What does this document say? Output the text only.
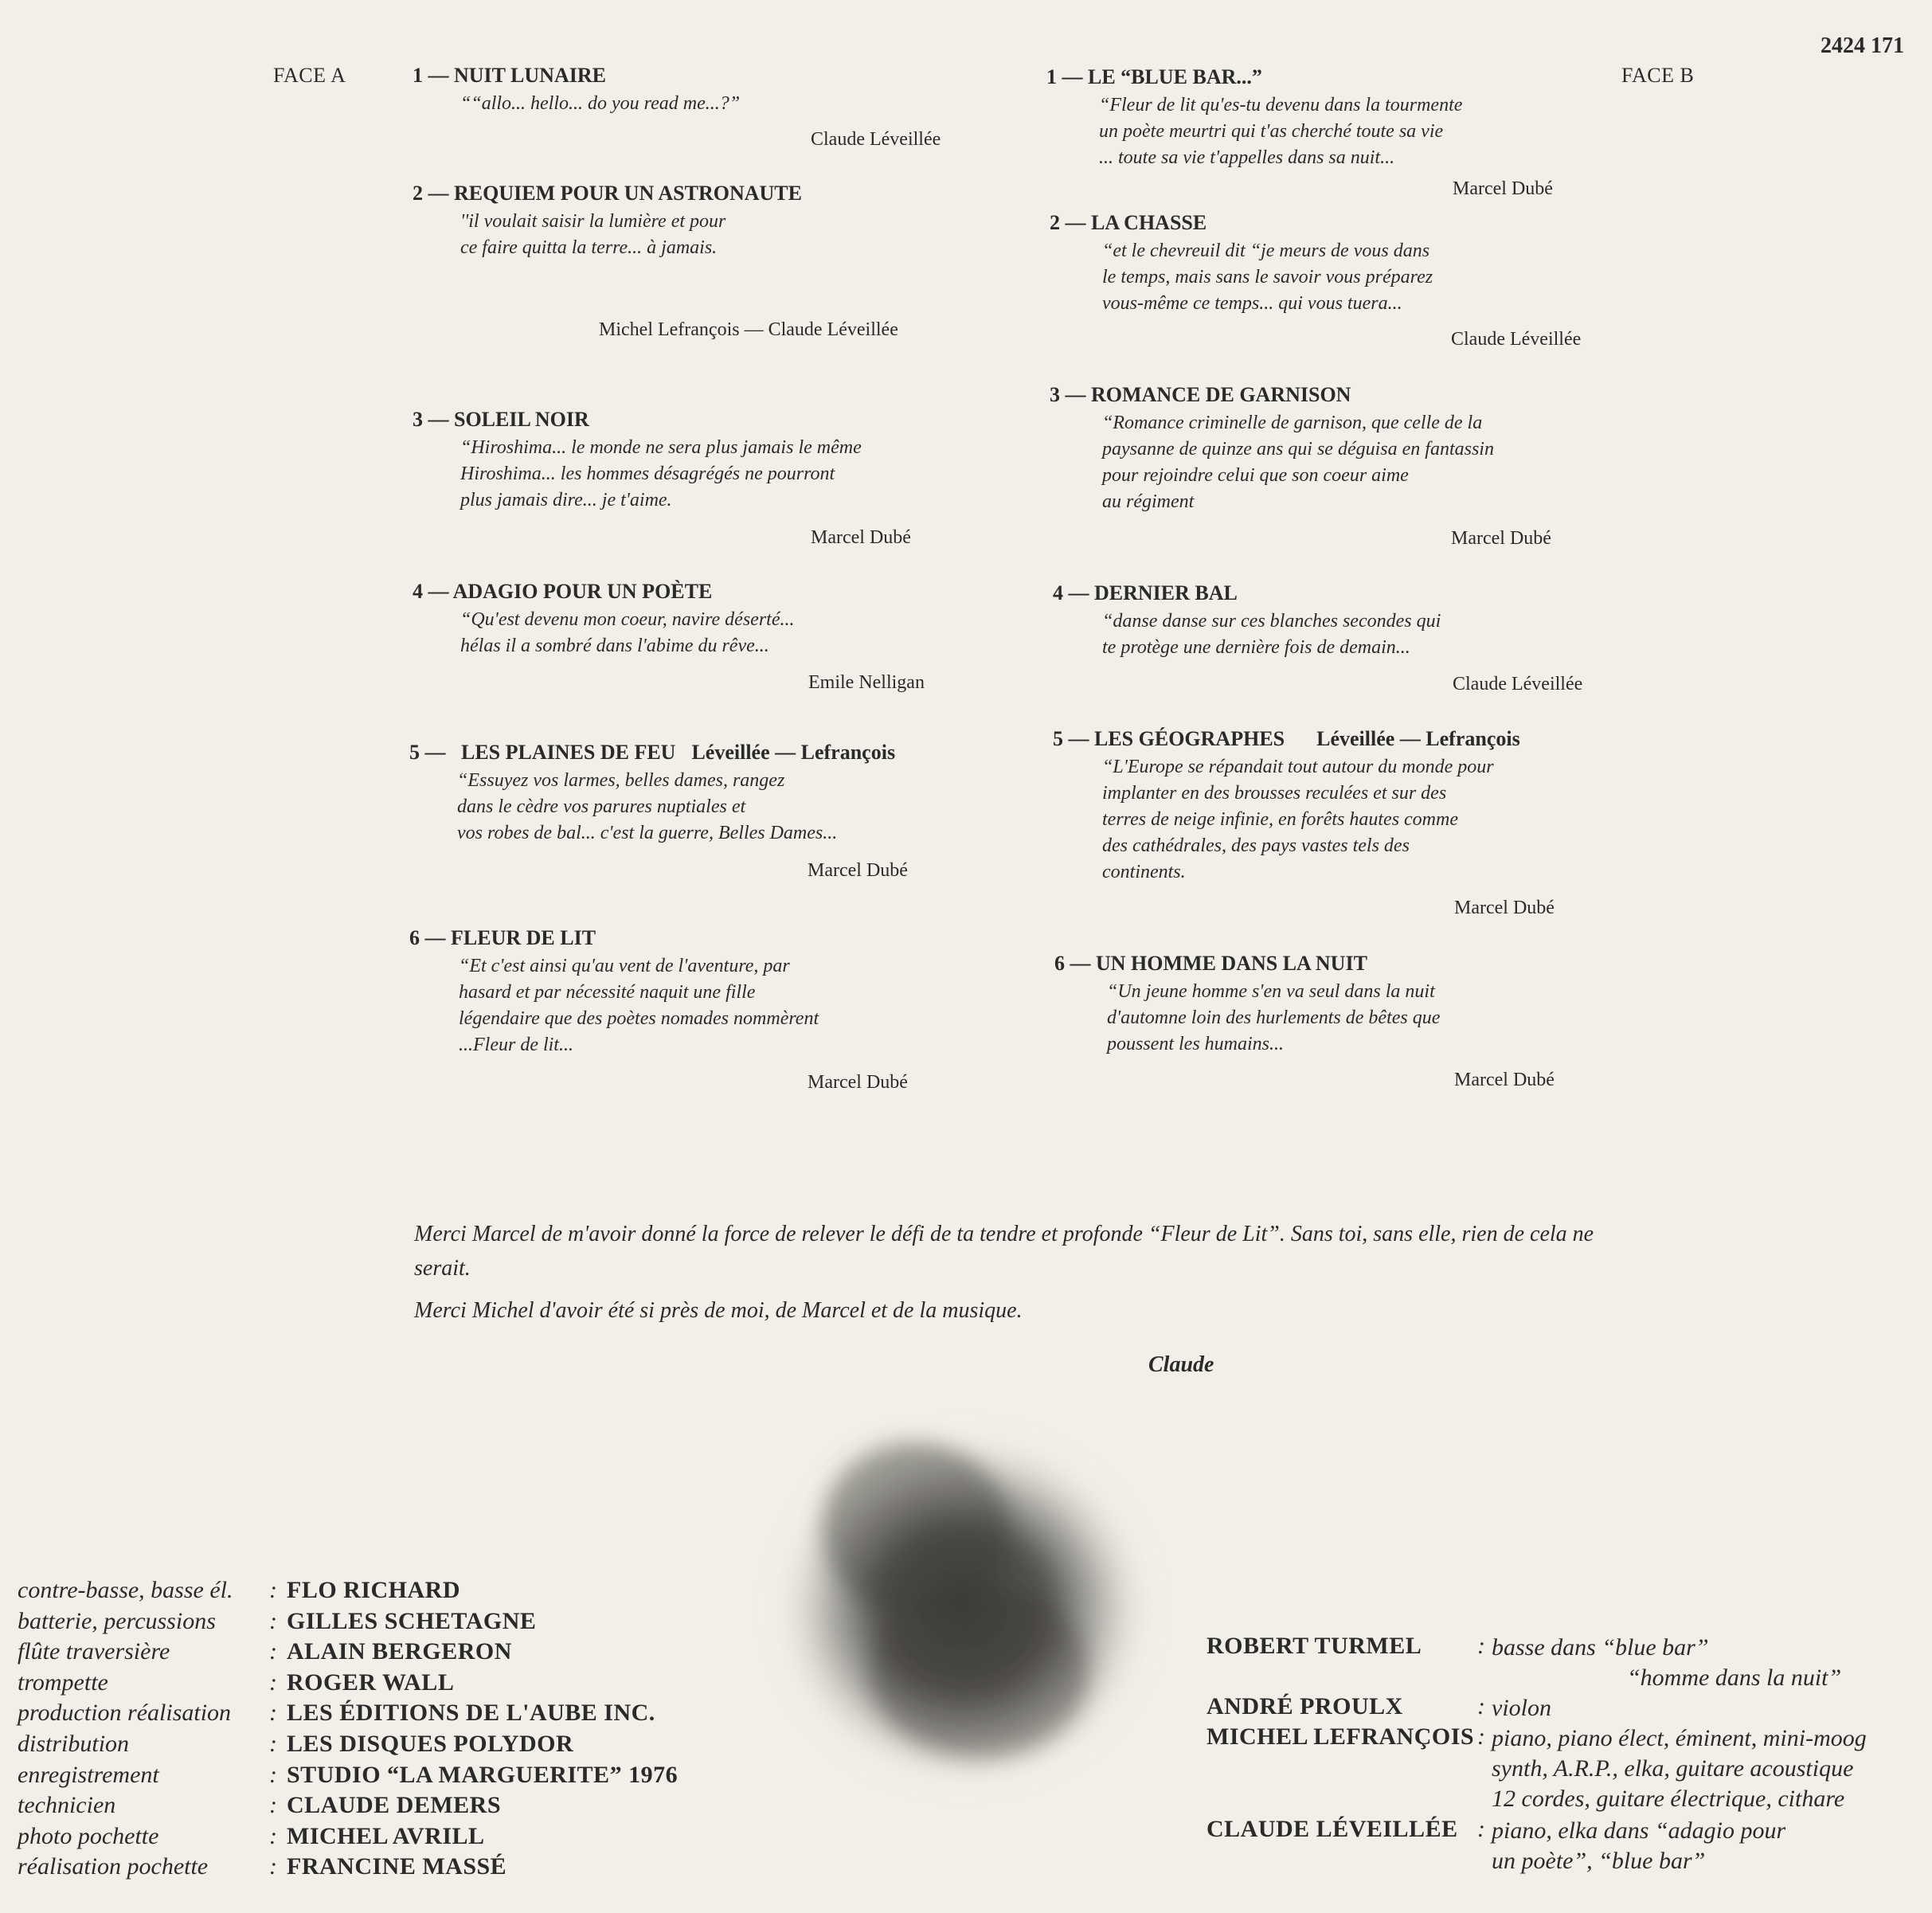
FACE A	FACE B
2424 171
1 — NUIT LUNAIRE
““allo... hello... do you read me...?”
Claude Léveillée
2 — REQUIEM POUR UN ASTRONAUTE
''il voulait saisir la lumière et pour
ce faire quitta la terre... à jamais.
Michel Lefrançois — Claude Léveillée
3 — SOLEIL NOIR
“Hiroshima... le monde ne sera plus jamais le même
Hiroshima... les hommes désagrégés ne pourront
plus jamais dire... je t'aime.
Marcel Dubé
4 — ADAGIO POUR UN POÈTE
“Qu'est devenu mon coeur, navire déserté...
hélas il a sombré dans l'abime du rêve...
Emile Nelligan
5 — LES PLAINES DE FEU Léveillée — Lefrançois
“Essuyez vos larmes, belles dames, rangez
dans le cèdre vos parures nuptiales et
vos robes de bal... c'est la guerre, Belles Dames...
Marcel Dubé
6 — FLEUR DE LIT
“Et c'est ainsi qu'au vent de l'aventure, par
hasard et par nécessité naquit une fille
légendaire que des poètes nomades nommèrent
...Fleur de lit...
Marcel Dubé
1 — LE “BLUE BAR...”
“Fleur de lit qu'es-tu devenu dans la tourmente
un poète meurtri qui t'as cherché toute sa vie
... toute sa vie t'appelles dans sa nuit...
Marcel Dubé
2 — LA CHASSE
“et le chevreuil dit “je meurs de vous dans
le temps, mais sans le savoir vous préparez
vous-même ce temps... qui vous tuera...
Claude Léveillée
3 — ROMANCE DE GARNISON
“Romance criminelle de garnison, que celle de la
paysanne de quinze ans qui se déguisa en fantassin
pour rejoindre celui que son coeur aime
au régiment
Marcel Dubé
4 — DERNIER BAL
“danse danse sur ces blanches secondes qui
te protège une dernière fois de demain...
Claude Léveillée
5 — LES GÉOGRAPHES Léveillée — Lefrançois
“L'Europe se répandait tout autour du monde pour
implanter en des brousses reculées et sur des
terres de neige infinie, en forêts hautes comme
des cathédrales, des pays vastes tels des
continents.
Marcel Dubé
6 — UN HOMME DANS LA NUIT
“Un jeune homme s'en va seul dans la nuit
d'automne loin des hurlements de bêtes que
poussent les humains...
Marcel Dubé
Merci Marcel de m'avoir donné la force de relever le défi de ta tendre et profonde “Fleur de Lit”. Sans toi, sans elle, rien de cela ne serait.
Merci Michel d'avoir été si près de moi, de Marcel et de la musique.
Claude
contre-basse, basse él. : FLO RICHARD
batterie, percussions : GILLES SCHETAGNE
flûte traversière	: ALAIN BERGERON
trompette	: ROGER WALL
production réalisation : LES ÉDITIONS DE L'AUBE INC.
distribution	: LES DISQUES POLYDOR
enregistrement	: STUDIO “LA MARGUERITE” 1976
technicien	: CLAUDE DEMERS
photo pochette	: MICHEL AVRILL
réalisation pochette	: FRANCINE MASSÉ
ROBERT TURMEL : basse dans “blue bar”
“homme dans la nuit”
ANDRÉ PROULX	: violon
MICHEL LEFRANÇOIS : piano, piano élect, éminent, mini-moog
synth, A.R.P., elka, guitare acoustique
12 cordes, guitare électrique, cithare
CLAUDE LÉVEILLÉE : piano, elka dans “adagio pour
un poète”, “blue bar”
